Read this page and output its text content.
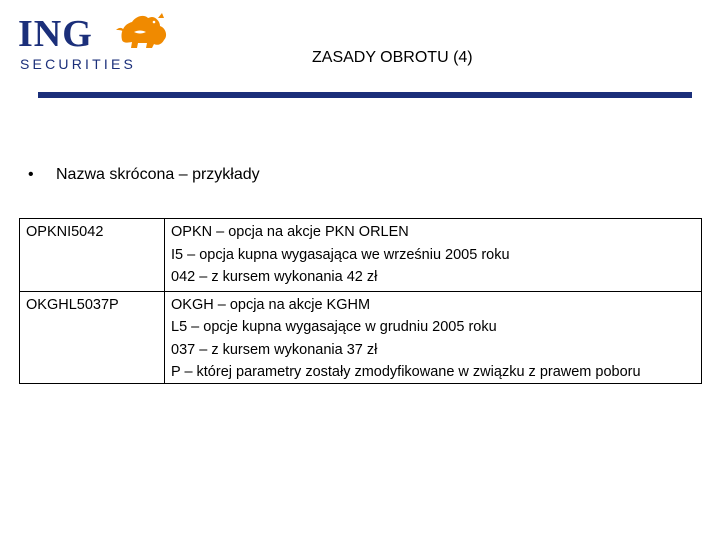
ING
SECURITIES	ZASADY OBROTU (4)
•	Nazwa skrócona – przykłady
OPKNI5042	OPKN – opcja na akcje PKN ORLEN
I5 – opcja kupna wygasająca we wrześniu 2005 roku
042 – z kursem wykonania 42 zł

OKGHL5037P	OKGH – opcja na akcje KGHM
L5 – opcje kupna wygasające w grudniu 2005 roku
037 – z kursem wykonania 37 zł
P – której parametry zostały zmodyfikowane w związku z prawem poboru
